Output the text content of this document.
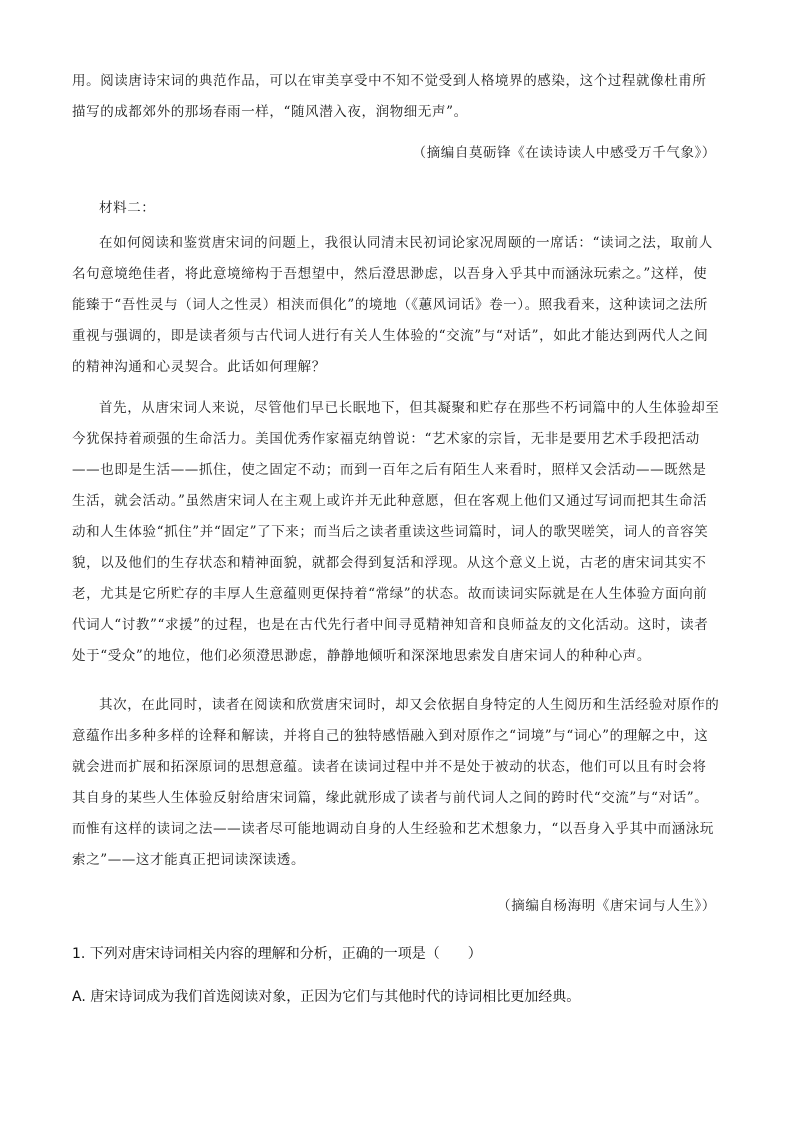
用。阅读唐诗宋词的典范作品，可以在审美享受中不知不觉受到人格境界的感染，这个过程就像杜甫所描写的成都郊外的那场春雨一样，“随风潜入夜，润物细无声”。

（摘编自莫砺锋《在读诗读人中感受万千气象》）

材料二：

在如何阅读和鉴赏唐宋词的问题上，我很认同清末民初词论家况周颐的一席话：“读词之法，取前人名句意境绝佳者，将此意境缔构于吾想望中，然后澄思渺虑，以吾身入乎其中而涵泳玩索之。”这样，使能臻于“吾性灵与（词人之性灵）相浃而俱化”的境地（《蕙风词话》卷一）。照我看来，这种读词之法所重视与强调的，即是读者须与古代词人进行有关人生体验的“交流”与“对话”，如此才能达到两代人之间的精神沟通和心灵契合。此话如何理解？

首先，从唐宋词人来说，尽管他们早已长眠地下，但其凝聚和贮存在那些不朽词篇中的人生体验却至今犹保持着顽强的生命活力。美国优秀作家福克纳曾说：“艺术家的宗旨，无非是要用艺术手段把活动——也即是生活——抓住，使之固定不动；而到一百年之后有陌生人来看时，照样又会活动——既然是生活，就会活动。”虽然唐宋词人在主观上或许并无此种意愿，但在客观上他们又通过写词而把其生命活动和人生体验“抓住”并“固定”了下来；而当后之读者重读这些词篇时，词人的歌哭嗟笑，词人的音容笑貌，以及他们的生存状态和精神面貌，就都会得到复活和浮现。从这个意义上说，古老的唐宋词其实不老，尤其是它所贮存的丰厚人生意蕴则更保持着“常绿”的状态。故而读词实际就是在人生体验方面向前代词人“讨教”“求援”的过程，也是在古代先行者中间寻觅精神知音和良师益友的文化活动。这时，读者处于“受众”的地位，他们必须澄思渺虑，静静地倾听和深深地思索发自唐宋词人的种种心声。

其次，在此同时，读者在阅读和欣赏唐宋词时，却又会依据自身特定的人生阅历和生活经验对原作的意蕴作出多种多样的诠释和解读，并将自己的独特感悟融入到对原作之“词境”与“词心”的理解之中，这就会进而扩展和拓深原词的思想意蕴。读者在读词过程中并不是处于被动的状态，他们可以且有时会将其自身的某些人生体验反射给唐宋词篇，缘此就形成了读者与前代词人之间的跨时代“交流”与“对话”。而惟有这样的读词之法——读者尽可能地调动自身的人生经验和艺术想象力，“以吾身入乎其中而涵泳玩索之”——这才能真正把词读深读透。

（摘编自杨海明《唐宋词与人生》）

1. 下列对唐宋诗词相关内容的理解和分析，正确的一项是（　　）

A. 唐宋诗词成为我们首选阅读对象，正因为它们与其他时代的诗词相比更加经典。
